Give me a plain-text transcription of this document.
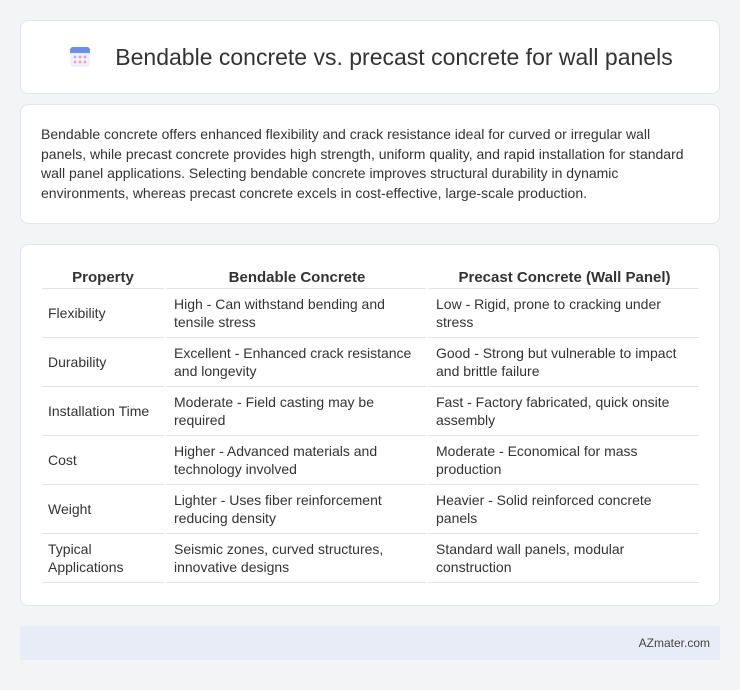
Bendable concrete vs. precast concrete for wall panels

Bendable concrete offers enhanced flexibility and crack resistance ideal for curved or irregular wall panels, while precast concrete provides high strength, uniform quality, and rapid installation for standard wall panel applications. Selecting bendable concrete improves structural durability in dynamic environments, whereas precast concrete excels in cost-effective, large-scale production.

Property	Bendable Concrete	Precast Concrete (Wall Panel)
Flexibility	High - Can withstand bending and tensile stress	Low - Rigid, prone to cracking under stress
Durability	Excellent - Enhanced crack resistance and longevity	Good - Strong but vulnerable to impact and brittle failure
Installation Time	Moderate - Field casting may be required	Fast - Factory fabricated, quick onsite assembly
Cost	Higher - Advanced materials and technology involved	Moderate - Economical for mass production
Weight	Lighter - Uses fiber reinforcement reducing density	Heavier - Solid reinforced concrete panels
Typical Applications	Seismic zones, curved structures, innovative designs	Standard wall panels, modular construction
AZmater.com
